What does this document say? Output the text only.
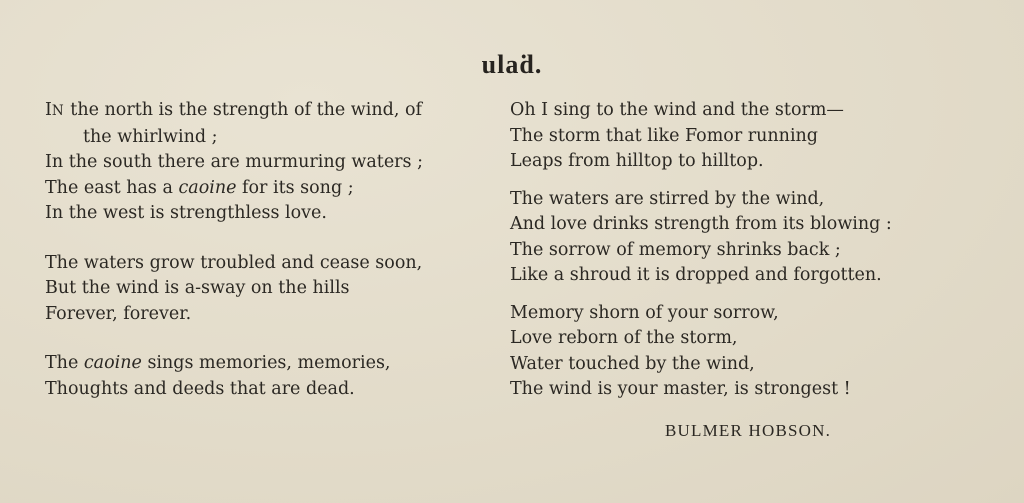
ulaḋ.
IN the north is the strength of the wind, of
the whirlwind ;
In the south there are murmuring waters ;
The east has a caoine for its song ;
In the west is strengthless love.
The waters grow troubled and cease soon,
But the wind is a-sway on the hills
Forever, forever.
The caoine sings memories, memories,
Thoughts and deeds that are dead.
Oh I sing to the wind and the storm—
The storm that like Fomor running
Leaps from hilltop to hilltop.
The waters are stirred by the wind,
And love drinks strength from its blowing :
The sorrow of memory shrinks back ;
Like a shroud it is dropped and forgotten.
Memory shorn of your sorrow,
Love reborn of the storm,
Water touched by the wind,
The wind is your master, is strongest !
BULMER HOBSON.
